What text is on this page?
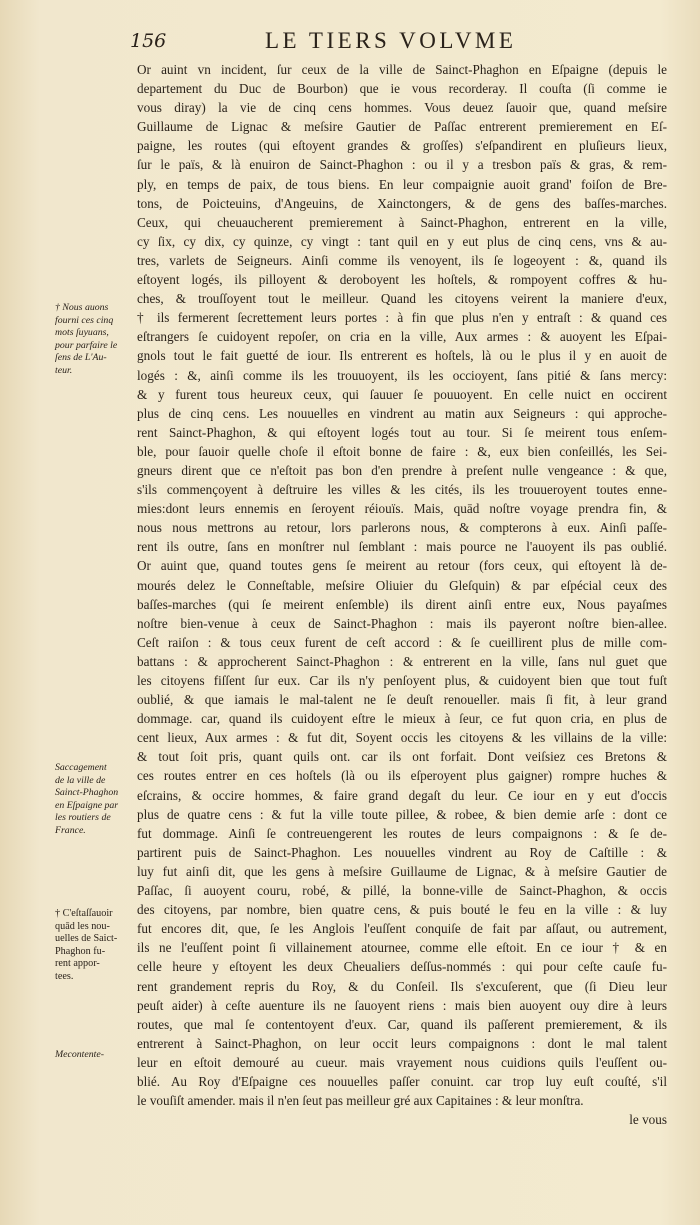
156	LE TIERS VOLVME
Or auint vn incident, ſur ceux de la ville de Sainct-Phaghon en Eſpaigne (depuis le
departement du Duc de Bourbon) que ie vous recorderay. Il couſta (ſi comme ie
vous diray) la vie de cinq cens hommes. Vous deuez ſauoir que, quand meſsire
Guillaume de Lignac & meſsire Gautier de Paſſac entrerent premierement en Eſ-
paigne, les routes (qui eſtoyent grandes & groſſes) s'eſpandirent en pluſieurs lieux,
ſur le païs, & là enuiron de Sainct-Phaghon : ou il y a tresbon païs & gras, & rem-
ply, en temps de paix, de tous biens. En leur compaignie auoit grand' foiſon de Bre-
tons, de Poicteuins, d'Angeuins, de Xainctongers, & de gens des baſſes-marches.
Ceux, qui cheuaucherent premierement à Sainct-Phaghon, entrerent en la ville,
cy ſix, cy dix, cy quinze, cy vingt : tant quil en y eut plus de cinq cens, vns & au-
tres, varlets de Seigneurs. Ainſi comme ils venoyent, ils ſe logeoyent : &, quand ils
eſtoyent logés, ils pilloyent & deroboyent les hoſtels, & rompoyent coffres & hu-
ches, & trouſſoyent tout le meilleur. Quand les citoyens veirent la maniere d'eux,
† ils fermerent ſecrettement leurs portes : à fin que plus n'en y entraſt : & quand ces
eſtrangers ſe cuidoyent repoſer, on cria en la ville, Aux armes : & auoyent les Eſpai-
gnols tout le fait guetté de iour. Ils entrerent es hoſtels, là ou le plus il y en auoit de
logés : &, ainſi comme ils les trouuoyent, ils les occioyent, ſans pitié & ſans mercy:
& y furent tous heureux ceux, qui ſauuer ſe pouuoyent. En celle nuict en occirent
plus de cinq cens. Les nouuelles en vindrent au matin aux Seigneurs : qui approche-
rent Sainct-Phaghon, & qui eſtoyent logés tout au tour. Si ſe meirent tous enſem-
ble, pour ſauoir quelle choſe il eſtoit bonne de faire : &, eux bien conſeillés, les Sei-
gneurs dirent que ce n'eſtoit pas bon d'en prendre à preſent nulle vengeance : & que,
s'ils commençoyent à deſtruire les villes & les cités, ils les trouueroyent toutes enne-
mies:dont leurs ennemis en ſeroyent réiouïs. Mais, quād noſtre voyage prendra fin, &
nous nous mettrons au retour, lors parlerons nous, & compterons à eux. Ainſi paſſe-
rent ils outre, ſans en monſtrer nul ſemblant : mais pource ne l'auoyent ils pas oublié.
Or auint que, quand toutes gens ſe meirent au retour (fors ceux, qui eſtoyent là de-
mourés delez le Conneſtable, meſsire Oliuier du Gleſquin) & par eſpécial ceux des
baſſes-marches (qui ſe meirent enſemble) ils dirent ainſi entre eux, Nous payaſmes
noſtre bien-venue à ceux de Sainct-Phaghon : mais ils payeront noſtre bien-allee.
Ceſt raiſon : & tous ceux furent de ceſt accord : & ſe cueillirent plus de mille com-
battans : & approcherent Sainct-Phaghon : & entrerent en la ville, ſans nul guet que
les citoyens fiſſent ſur eux. Car ils n'y penſoyent plus, & cuidoyent bien que tout fuſt
oublié, & que iamais le mal-talent ne ſe deuſt renoueller. mais ſi fit, à leur grand
dommage. car, quand ils cuidoyent eſtre le mieux à ſeur, ce fut quon cria, en plus de
cent lieux, Aux armes : & fut dit, Soyent occis les citoyens & les villains de la ville:
& tout ſoit pris, quant quils ont. car ils ont forfait. Dont veiſsiez ces Bretons &
ces routes entrer en ces hoſtels (là ou ils eſperoyent plus gaigner) rompre huches &
eſcrains, & occire hommes, & faire grand degaſt du leur. Ce iour en y eut d'occis
plus de quatre cens : & fut la ville toute pillee, & robee, & bien demie arſe : dont ce
fut dommage. Ainſi ſe contreuengerent les routes de leurs compaignons : & ſe de-
partirent puis de Sainct-Phaghon. Les nouuelles vindrent au Roy de Caſtille : &
luy fut ainſi dit, que les gens à meſsire Guillaume de Lignac, & à meſsire Gautier de
Paſſac, ſi auoyent couru, robé, & pillé, la bonne-ville de Sainct-Phaghon, & occis
des citoyens, par nombre, bien quatre cens, & puis bouté le feu en la ville : & luy
fut encores dit, que, ſe les Anglois l'euſſent conquiſe de fait par aſſaut, ou autrement,
ils ne l'euſſent point ſi villainement atournee, comme elle eſtoit. En ce iour † & en
celle heure y eſtoyent les deux Cheualiers deſſus-nommés : qui pour ceſte cauſe fu-
rent grandement repris du Roy, & du Conſeil. Ils s'excuſerent, que (ſi Dieu leur
peuſt aider) à ceſte auenture ils ne ſauoyent riens : mais bien auoyent ouy dire à leurs
routes, que mal ſe contentoyent d'eux. Car, quand ils paſſerent premierement, & ils
entrerent à Sainct-Phaghon, on leur occit leurs compaignons : dont le mal talent
leur en eſtoit demouré au cueur. mais vrayement nous cuidions quils l'euſſent ou-
blié. Au Roy d'Eſpaigne ces nouuelles paſſer conuint. car trop luy euſt couſté, s'il
le vouſiſt amender. mais il n'en ſeut pas meilleur gré aux Capitaines : & leur monſtra.
le vous
† Nous auons
fourni ces cinq
mots ſuyuans,
pour parfaire le
ſens de L'Au-
teur.
Saccagement
de la ville de
Sainct-Phaghon
en Eſpaigne par
les routiers de
France.
† C'eſtaſſauoir
quād les nou-
uelles de Saict-
Phaghon fu-
rent appor-
tees.
Mecontente-
